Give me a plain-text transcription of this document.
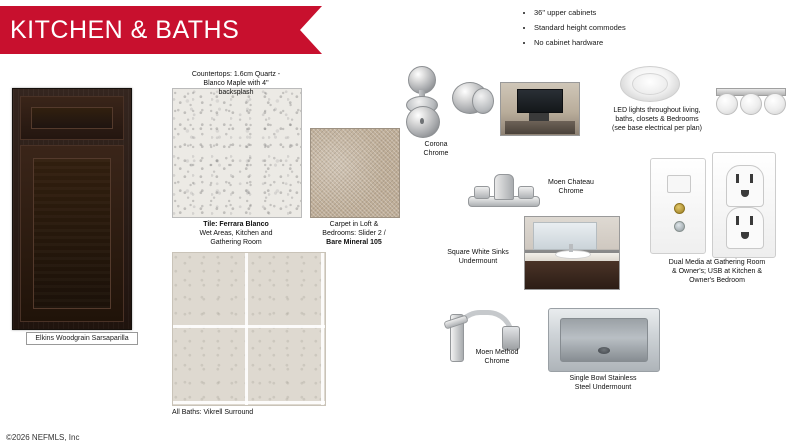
KITCHEN & BATHS
• 36" upper cabinets
• Standard height commodes
• No cabinet hardware
Elkins Woodgrain Sarsaparilla
Countertops: 1.6cm Quartz -
Blanco Maple with 4"
backsplash
Tile: Ferrara Blanco
Wet Areas, Kitchen and
Gathering Room
Carpet in Loft &
Bedrooms: Slider 2 /
Bare Mineral 105
All Baths: Vikrell Surround
Corona
Chrome
LED lights throughout living,
baths, closets & Bedrooms
(see base electrical per plan)
Moen Chateau
Chrome
Square White Sinks
Undermount	Dual Media at Gathering Room
& Owner's; USB at Kitchen &
Owner's Bedroom
Moen Method
Chrome
Single Bowl Stainless
Steel Undermount
©2026 NEFMLS, Inc
